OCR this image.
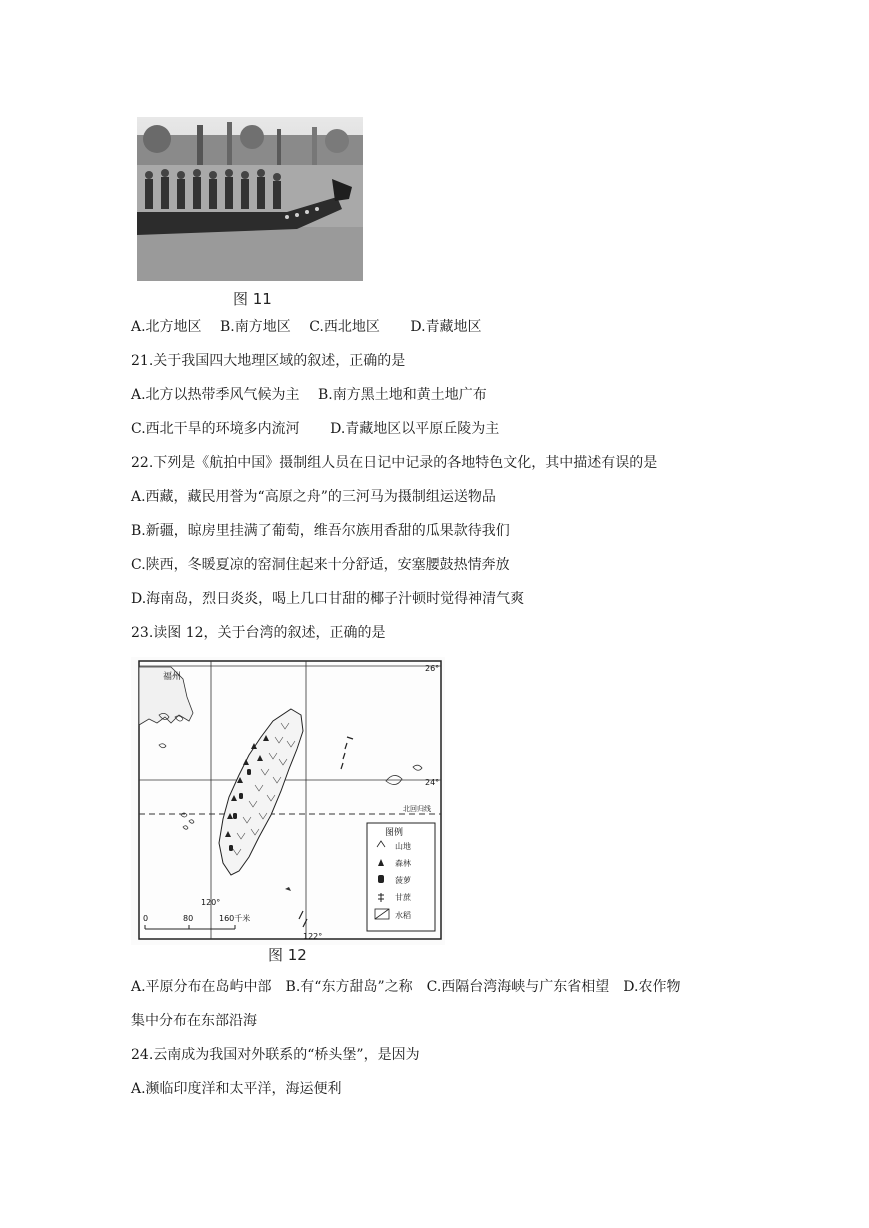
图 11
A.北方地区 B.南方地区 C.西北地区 D.青藏地区
21.关于我国四大地理区域的叙述，正确的是
A.北方以热带季风气候为主 B.南方黑土地和黄土地广布
C.西北干旱的环境多内流河 D.青藏地区以平原丘陵为主
22.下列是《航拍中国》摄制组人员在日记中记录的各地特色文化，其中描述有误的是
A.西藏，藏民用誉为“高原之舟”的三河马为摄制组运送物品
B.新疆，晾房里挂满了葡萄，维吾尔族用香甜的瓜果款待我们
C.陕西，冬暖夏凉的窑洞住起来十分舒适，安塞腰鼓热情奔放
D.海南岛，烈日炎炎，喝上几口甘甜的椰子汁顿时觉得神清气爽
23.读图 12，关于台湾的叙述，正确的是
福州
26°
24°
北回归线
120°
122°
0	80	160千米
图例
山地
森林
菠萝
甘蔗
水稻
图 12
A.平原分布在岛屿中部　B.有“东方甜岛”之称　C.西隔台湾海峡与广东省相望　D.农作物
集中分布在东部沿海
24.云南成为我国对外联系的“桥头堡”，是因为
A.濒临印度洋和太平洋，海运便利
